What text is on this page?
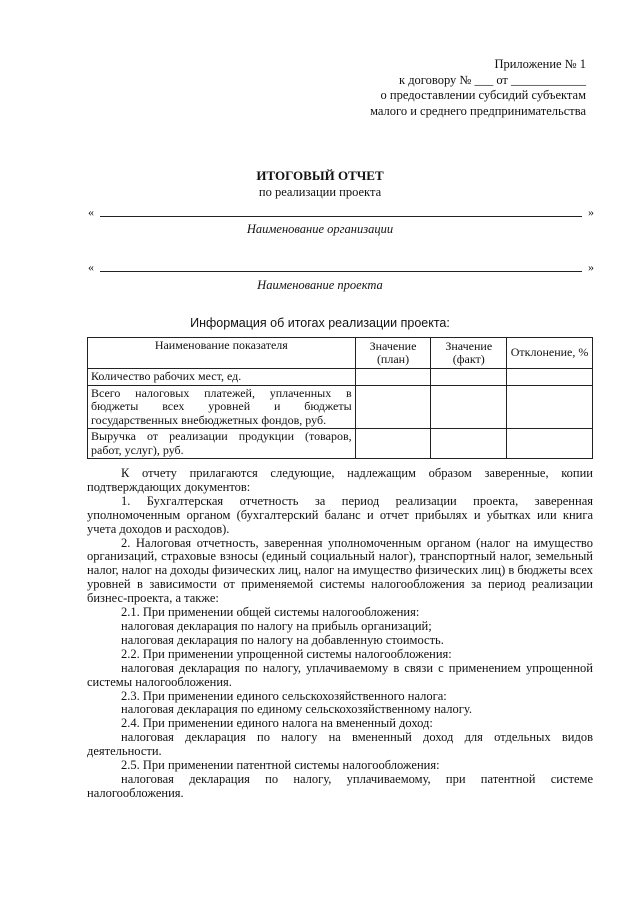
Приложение № 1
к договору № ___ от ____________
о предоставлении субсидий субъектам
малого и среднего предпринимательства
ИТОГОВЫЙ ОТЧЕТ
по реализации проекта
«	»
Наименование организации
«	»
Наименование проекта
Информация об итогах реализации проекта:
Наименование показателя	Значение (план)	Значение (факт)	Отклонение, %
Количество рабочих мест, ед.			
Всего налоговых платежей, уплаченных в бюджеты всех уровней и бюджеты государственных внебюджетных фондов, руб.			
Выручка от реализации продукции (товаров, работ, услуг), руб.			

К отчету прилагаются следующие, надлежащим образом заверенные, копии подтверждающих документов:

1. Бухгалтерская отчетность за период реализации проекта, заверенная уполномоченным органом (бухгалтерский баланс и отчет прибылях и убытках или книга учета доходов и расходов).

2. Налоговая отчетность, заверенная уполномоченным органом (налог на имущество организаций, страховые взносы (единый социальный налог), транспортный налог, земельный налог, налог на доходы физических лиц, налог на имущество физических лиц) в бюджеты всех уровней в зависимости от применяемой системы налогообложения за период реализации бизнес-проекта, а также:

2.1. При применении общей системы налогообложения:

налоговая декларация по налогу на прибыль организаций;

налоговая декларация по налогу на добавленную стоимость.

2.2. При применении упрощенной системы налогообложения:

налоговая декларация по налогу, уплачиваемому в связи с применением упрощенной системы налогообложения.

2.3. При применении единого сельскохозяйственного налога:

налоговая декларация по единому сельскохозяйственному налогу.

2.4. При применении единого налога на вмененный доход:

налоговая декларация по налогу на вмененный доход для отдельных видов деятельности.

2.5. При применении патентной системы налогообложения:

налоговая декларация по налогу, уплачиваемому, при патентной системе налогообложения.
